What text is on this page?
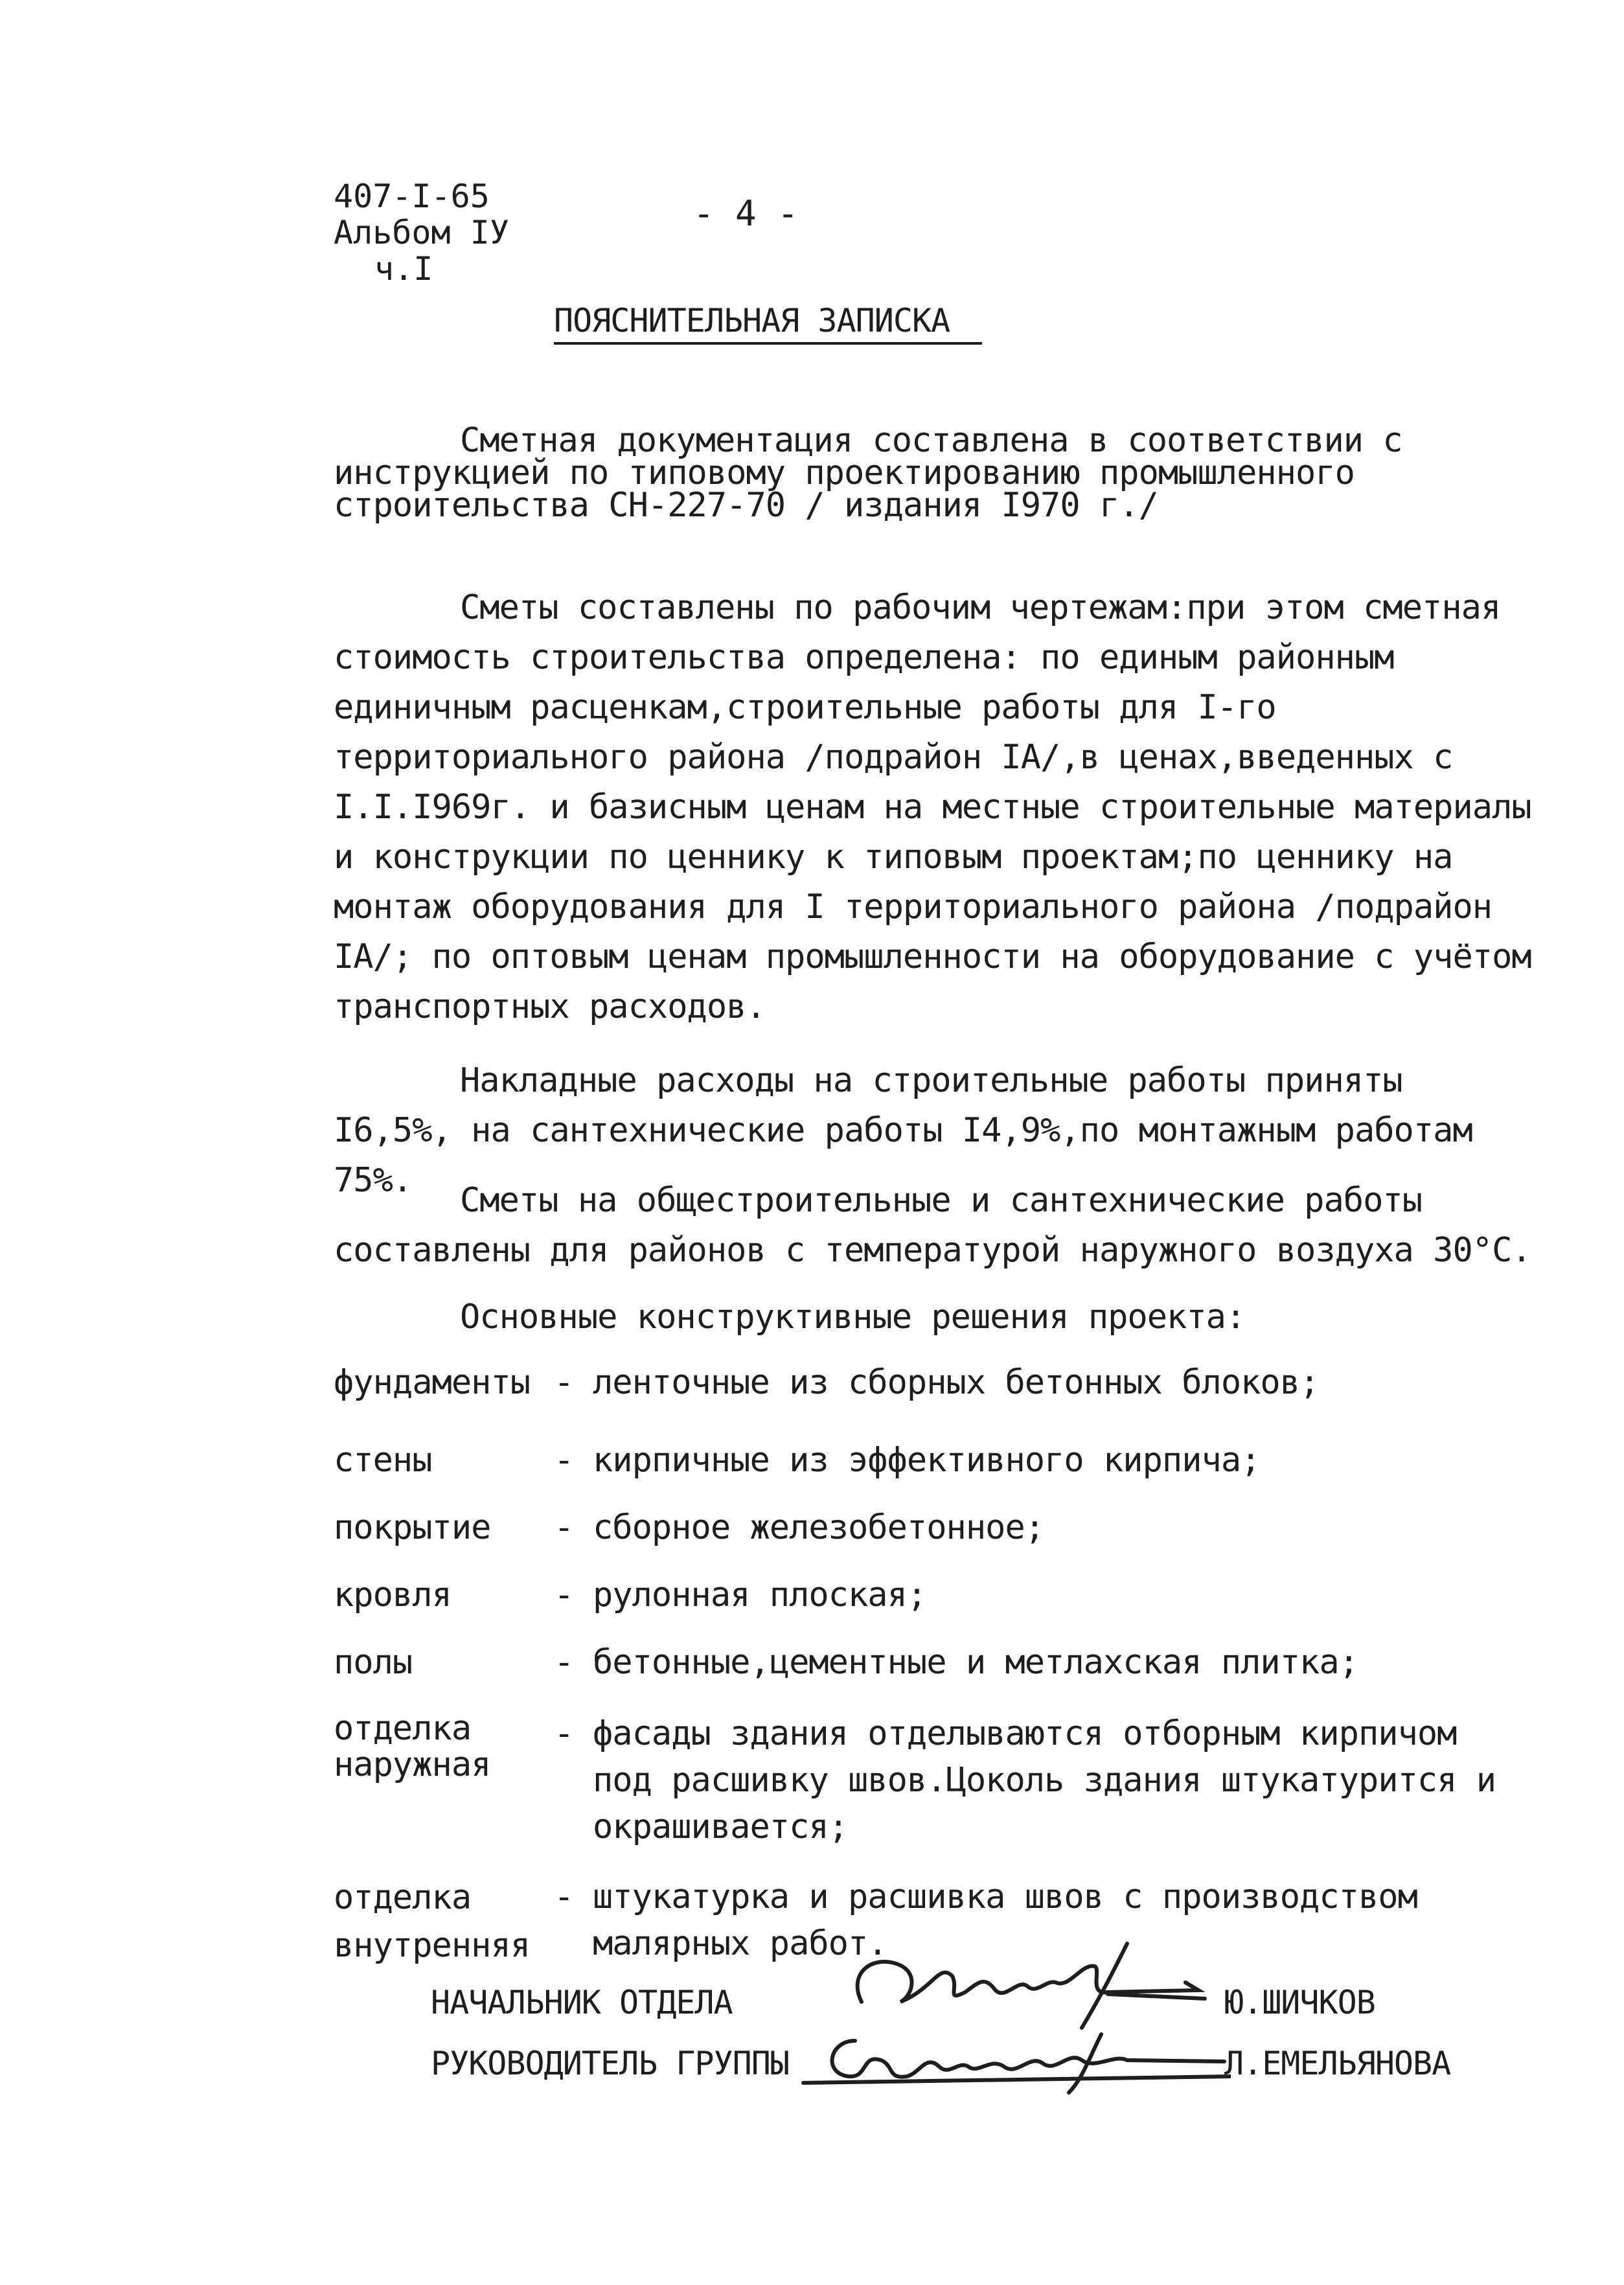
407-I-65
Альбом IУ
ч.I
- 4 -
ПОЯСНИТЕЛЬНАЯ ЗАПИСКА
Сметная документация составлена в соответствии с инструкцией по типовому проектированию промышленного строительства СН-227-70 / издания I970 г./
Сметы составлены по рабочим чертежам:при этом сметная стоимость строительства определена: по единым районным единичным расценкам,строительные работы для I-го территориального района /подрайон IA/,в ценах,введенных с I.I.I969г. и базисным ценам на местные строительные материалы и конструкции по ценнику к типовым проектам;по ценнику на монтаж оборудования для I территориального района /подрайон IA/; по оптовым ценам промышленности на оборудование с учётом транспортных расходов.
Накладные расходы на строительные работы приняты I6,5%, на сантехнические работы I4,9%,по монтажным работам 75%.
Сметы на общестроительные и сантехнические работы составлены для районов с температурой наружного воздуха 30°С.
Основные конструктивные решения проекта:
фундаменты - ленточные из сборных бетонных блоков;
стены	- кирпичные из эффективного кирпича;
покрытие - сборное железобетонное;
кровля	- рулонная плоская;
полы	- бетонные,цементные и метлахская плитка;
отделка наружная
- фасады здания отделываются отборным кирпичом под расшивку швов.Цоколь здания штукатурится и окрашивается;
отделка внутренняя
- штукатурка и расшивка швов с производством малярных работ.
НАЧАЛЬНИК ОТДЕЛА	Ю.ШИЧКОВ
РУКОВОДИТЕЛЬ ГРУППЫ	Л.ЕМЕЛЬЯНОВА
